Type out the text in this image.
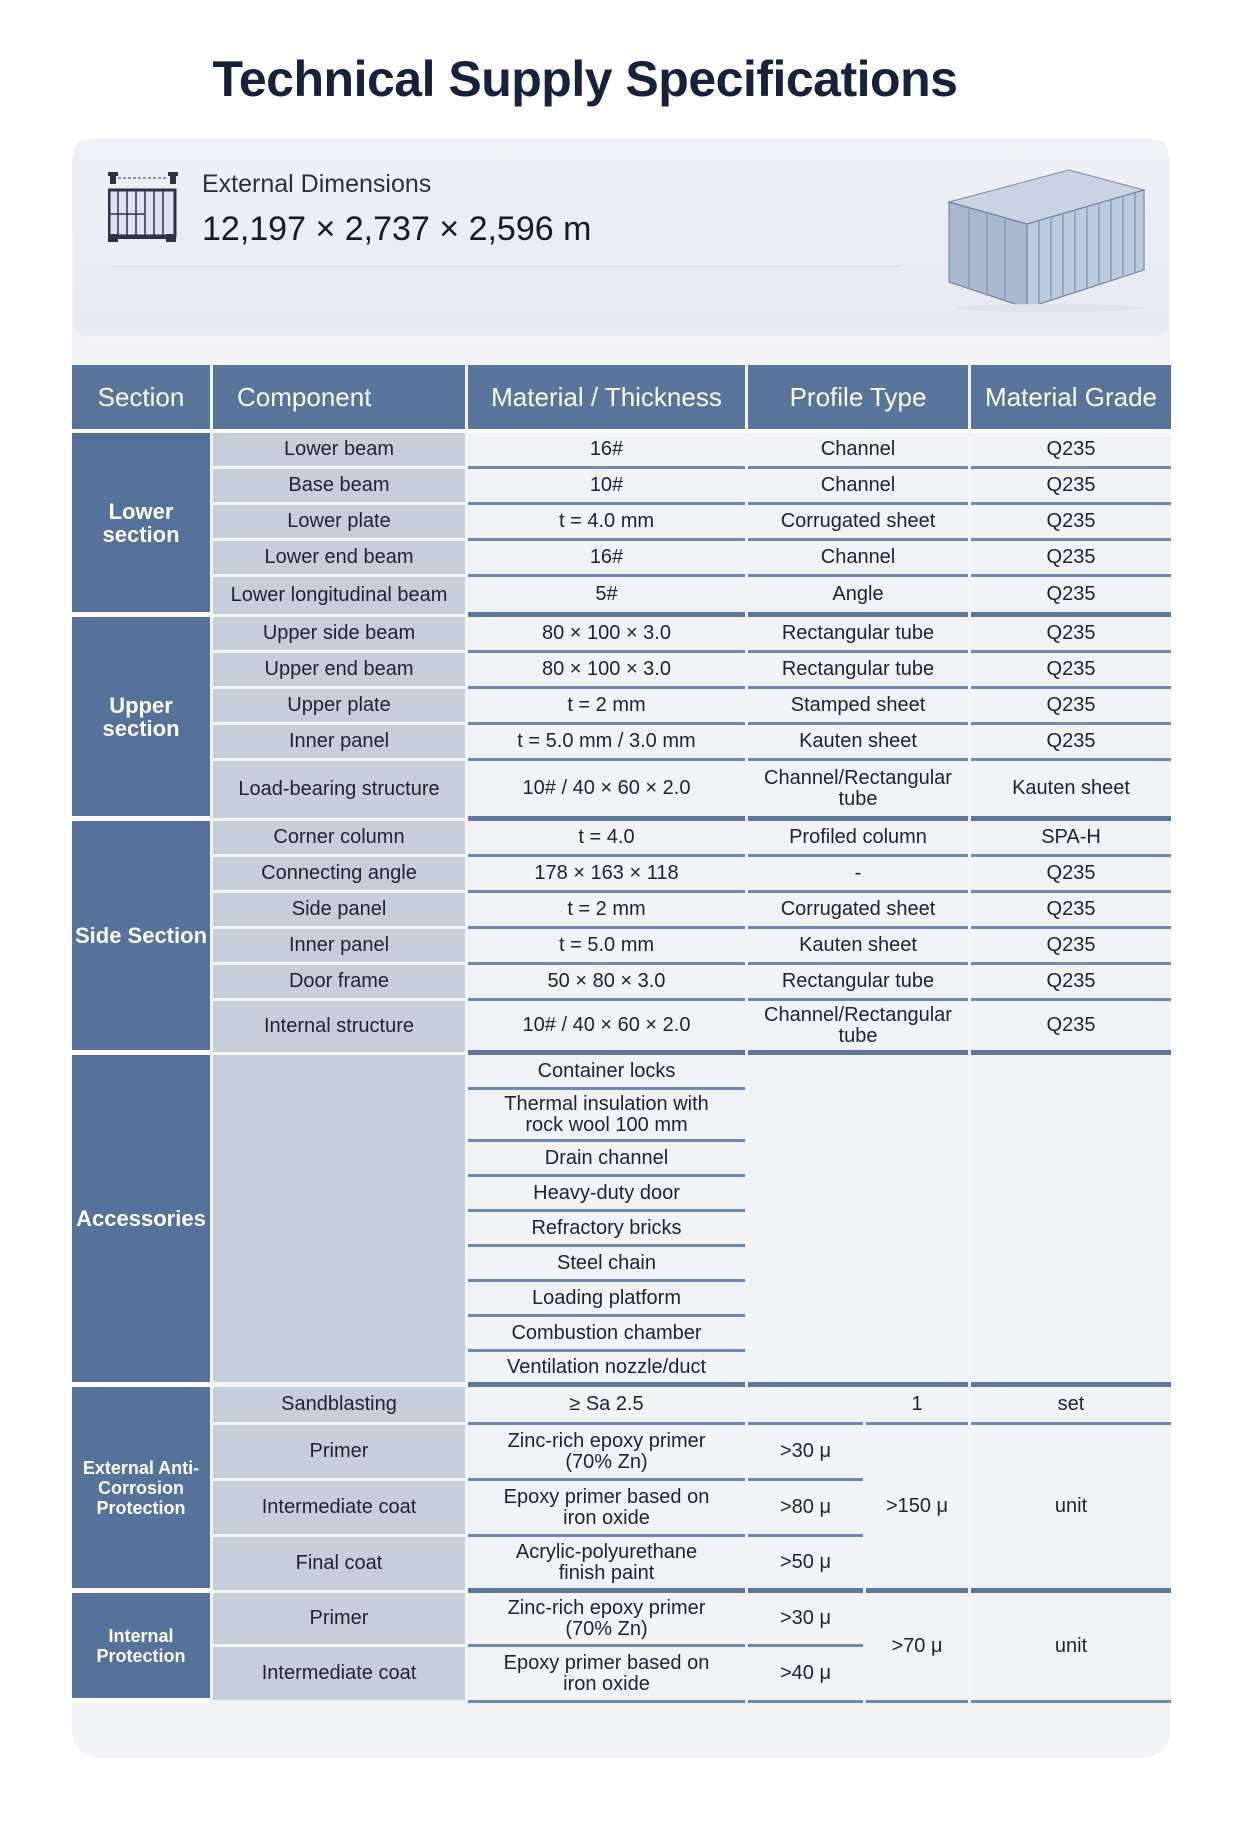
Technical Supply Specifications
External Dimensions
12,197 × 2,737 × 2,596 m
Section	Component	Material / Thickness	Profile Type		Material Grade
Lower section	Lower beam	16#	Channel		Q235
	Base beam	10#	Channel		Q235
	Lower plate	t = 4.0 mm	Corrugated sheet		Q235
	Lower end beam	16#	Channel		Q235
	Lower longitudinal beam	5#	Angle		Q235
Upper section	Upper side beam	80 × 100 × 3.0	Rectangular tube		Q235
	Upper end beam	80 × 100 × 3.0	Rectangular tube		Q235
	Upper plate	t = 2 mm	Stamped sheet		Q235
	Inner panel	t = 5.0 mm / 3.0 mm	Kauten sheet		Q235
	Load-bearing structure	10# / 40 × 60 × 2.0	Channel/Rectangular tube		Kauten sheet
Side Section	Corner column	t = 4.0	Profiled column		SPA-H
	Connecting angle	178 × 163 × 118	-		Q235
	Side panel	t = 2 mm	Corrugated sheet		Q235
	Inner panel	t = 5.0 mm	Kauten sheet		Q235
	Door frame	50 × 80 × 3.0	Rectangular tube		Q235
	Internal structure	10# / 40 × 60 × 2.0	Channel/Rectangular tube		Q235
Accessories		Container locks			
		Thermal insulation with rock wool 100 mm			
		Drain channel			
		Heavy-duty door			
		Refractory bricks			
		Steel chain			
		Loading platform			
		Combustion chamber			
		Ventilation nozzle/duct			
External Anti-Corrosion Protection	Sandblasting	≥ Sa 2.5		1	set
	Primer	Zinc-rich epoxy primer (70% Zn)	>30 μ	>150 μ	unit
	Intermediate coat	Epoxy primer based on iron oxide	>80 μ		
	Final coat	Acrylic-polyurethane finish paint	>50 μ		
Internal Protection	Primer	Zinc-rich epoxy primer (70% Zn)	>30 μ	>70 μ	unit
	Intermediate coat	Epoxy primer based on iron oxide	>40 μ		
